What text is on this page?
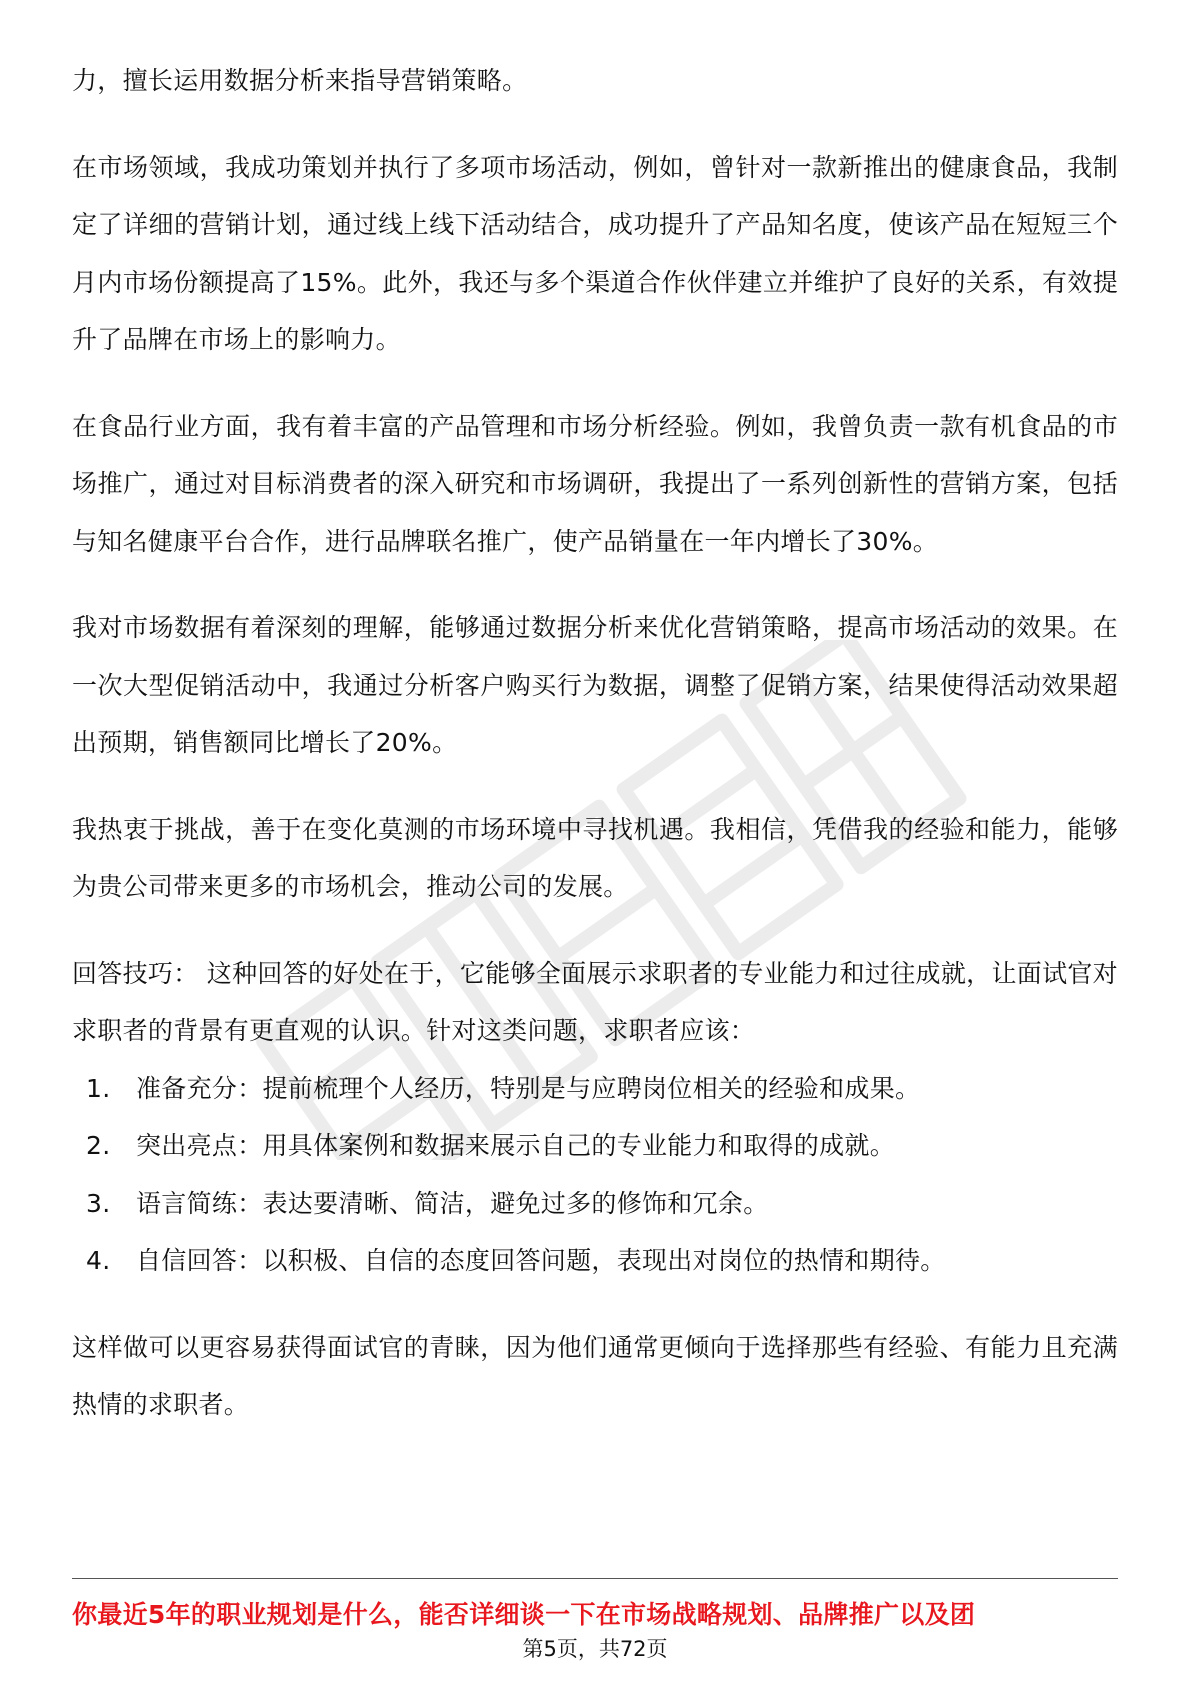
力，擅长运用数据分析来指导营销策略。

在市场领域，我成功策划并执行了多项市场活动，例如，曾针对一款新推出的健康食品，我制定了详细的营销计划，通过线上线下活动结合，成功提升了产品知名度，使该产品在短短三个月内市场份额提高了15%。此外，我还与多个渠道合作伙伴建立并维护了良好的关系，有效提升了品牌在市场上的影响力。

在食品行业方面，我有着丰富的产品管理和市场分析经验。例如，我曾负责一款有机食品的市场推广，通过对目标消费者的深入研究和市场调研，我提出了一系列创新性的营销方案，包括与知名健康平台合作，进行品牌联名推广，使产品销量在一年内增长了30%。

我对市场数据有着深刻的理解，能够通过数据分析来优化营销策略，提高市场活动的效果。在一次大型促销活动中，我通过分析客户购买行为数据，调整了促销方案，结果使得活动效果超出预期，销售额同比增长了20%。

我热衷于挑战，善于在变化莫测的市场环境中寻找机遇。我相信，凭借我的经验和能力，能够为贵公司带来更多的市场机会，推动公司的发展。

回答技巧： 这种回答的好处在于，它能够全面展示求职者的专业能力和过往成就，让面试官对求职者的背景有更直观的认识。针对这类问题，求职者应该：

1.	准备充分：提前梳理个人经历，特别是与应聘岗位相关的经验和成果。
2.	突出亮点：用具体案例和数据来展示自己的专业能力和取得的成就。
3.	语言简练：表达要清晰、简洁，避免过多的修饰和冗余。
4.	自信回答：以积极、自信的态度回答问题，表现出对岗位的热情和期待。

这样做可以更容易获得面试官的青睐，因为他们通常更倾向于选择那些有经验、有能力且充满热情的求职者。

你最近5年的职业规划是什么，能否详细谈一下在市场战略规划、品牌推广以及团
第5页，共72页
